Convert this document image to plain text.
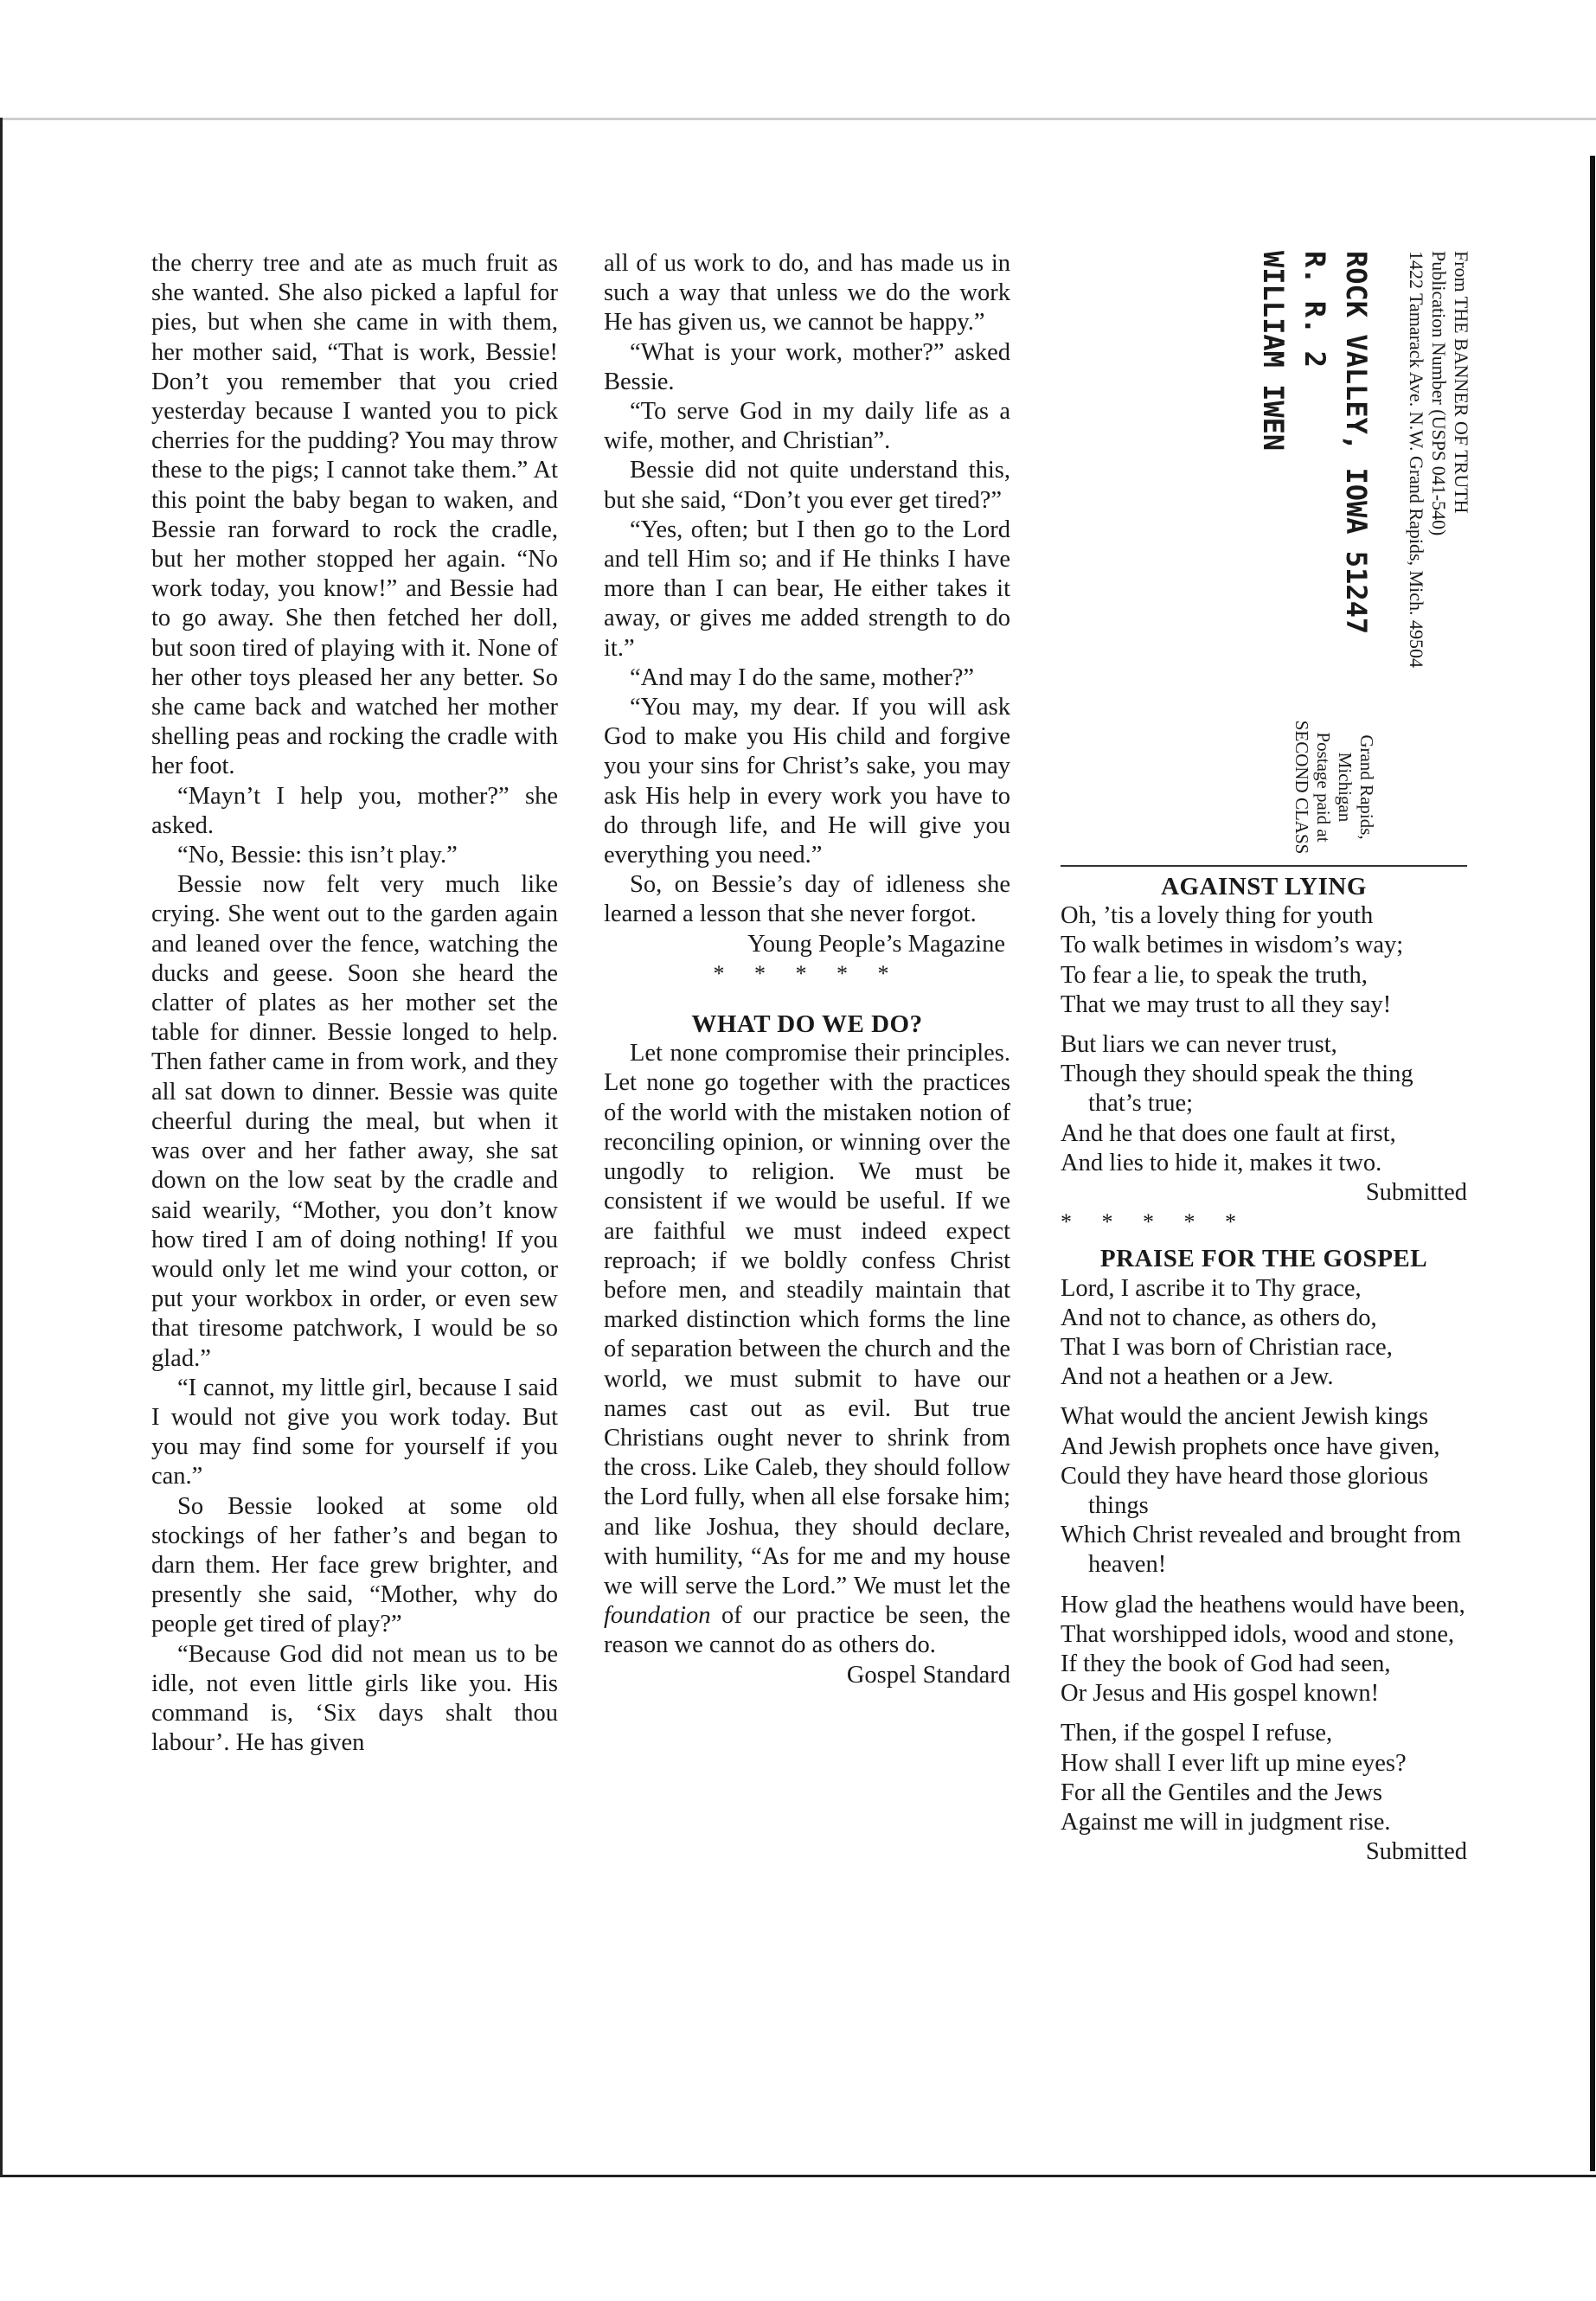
the cherry tree and ate as much fruit as she wanted. She also picked a lapful for pies, but when she came in with them, her mother said, “That is work, Bessie! Don’t you remember that you cried yesterday because I wanted you to pick cherries for the pudding? You may throw these to the pigs; I cannot take them.” At this point the baby began to waken, and Bessie ran forward to rock the cradle, but her mother stopped her again. “No work today, you know!” and Bessie had to go away. She then fetched her doll, but soon tired of playing with it. None of her other toys pleased her any better. So she came back and watched her mother shelling peas and rocking the cradle with her foot.

“Mayn’t I help you, mother?” she asked.

“No, Bessie: this isn’t play.”

Bessie now felt very much like crying. She went out to the garden again and leaned over the fence, watching the ducks and geese. Soon she heard the clatter of plates as her mother set the table for dinner. Bessie longed to help. Then father came in from work, and they all sat down to dinner. Bessie was quite cheerful during the meal, but when it was over and her father away, she sat down on the low seat by the cradle and said wearily, “Mother, you don’t know how tired I am of doing nothing! If you would only let me wind your cotton, or put your workbox in order, or even sew that tiresome patchwork, I would be so glad.”

“I cannot, my little girl, because I said I would not give you work today. But you may find some for yourself if you can.”

So Bessie looked at some old stockings of her father’s and began to darn them. Her face grew brighter, and presently she said, “Mother, why do people get tired of play?”

“Because God did not mean us to be idle, not even little girls like you. His command is, ‘Six days shalt thou labour’. He has given

all of us work to do, and has made us in such a way that unless we do the work He has given us, we cannot be happy.”

“What is your work, mother?” asked Bessie.

“To serve God in my daily life as a wife, mother, and Christian”.

Bessie did not quite understand this, but she said, “Don’t you ever get tired?”

“Yes, often; but I then go to the Lord and tell Him so; and if He thinks I have more than I can bear, He either takes it away, or gives me added strength to do it.”

“And may I do the same, mother?”

“You may, my dear. If you will ask God to make you His child and forgive you your sins for Christ’s sake, you may ask His help in every work you have to do through life, and He will give you everything you need.”

So, on Bessie’s day of idleness she learned a lesson that she never forgot.

Young People’s Magazine

* * * * *

WHAT DO WE DO?

Let none compromise their principles. Let none go together with the practices of the world with the mistaken notion of reconciling opinion, or winning over the ungodly to religion. We must be consistent if we would be useful. If we are faithful we must indeed expect reproach; if we boldly confess Christ before men, and steadily maintain that marked distinction which forms the line of separation between the church and the world, we must submit to have our names cast out as evil. But true Christians ought never to shrink from the cross. Like Caleb, they should follow the Lord fully, when all else forsake him; and like Joshua, they should declare, with humility, “As for me and my house we will serve the Lord.” We must let the foundation of our practice be seen, the reason we cannot do as others do.

Gospel Standard

From THE BANNER OF TRUTH
Publication Number (USPS 041-540)
1422 Tamarack Ave. N.W. Grand Rapids, Mich. 49504
ROCK VALLEY, IOWA 51247
R. R. 2
WILLIAM IWEN
Grand Rapids, Michigan
Postage paid at
SECOND CLASS
AGAINST LYING
Oh, ’tis a lovely thing for youth
To walk betimes in wisdom’s way;
To fear a lie, to speak the truth,
That we may trust to all they say!
But liars we can never trust,
Though they should speak the thing that’s true;
And he that does one fault at first,
And lies to hide it, makes it two.

Submitted

* * * * *

PRAISE FOR THE GOSPEL
Lord, I ascribe it to Thy grace,
And not to chance, as others do,
That I was born of Christian race,
And not a heathen or a Jew.
What would the ancient Jewish kings
And Jewish prophets once have given,
Could they have heard those glorious things
Which Christ revealed and brought from heaven!
How glad the heathens would have been,
That worshipped idols, wood and stone,
If they the book of God had seen,
Or Jesus and His gospel known!
Then, if the gospel I refuse,
How shall I ever lift up mine eyes?
For all the Gentiles and the Jews
Against me will in judgment rise.

Submitted
